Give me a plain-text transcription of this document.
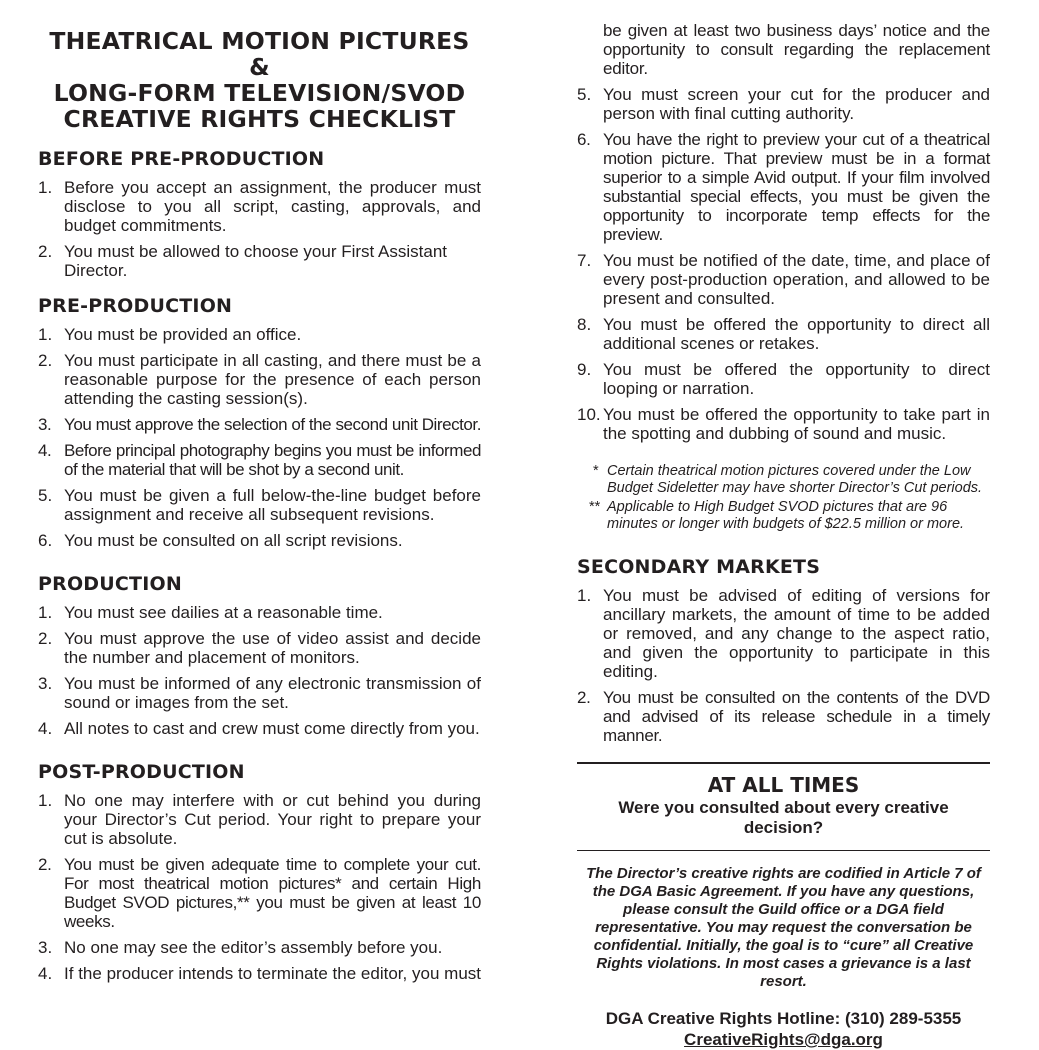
THEATRICAL MOTION PICTURES &
LONG-FORM TELEVISION/SVOD
CREATIVE RIGHTS CHECKLIST
BEFORE PRE-PRODUCTION
1. Before you accept an assignment, the producer must disclose to you all script, casting, approvals, and budget commitments.
2. You must be allowed to choose your First Assistant Director.
PRE-PRODUCTION
1. You must be provided an office.
2. You must participate in all casting, and there must be a reasonable purpose for the presence of each person attending the casting session(s).
3. You must approve the selection of the second unit Director.
4. Before principal photography begins you must be informed of the material that will be shot by a second unit.
5. You must be given a full below-the-line budget before assignment and receive all subsequent revisions.
6. You must be consulted on all script revisions.
PRODUCTION
1. You must see dailies at a reasonable time.
2. You must approve the use of video assist and decide the number and placement of monitors.
3. You must be informed of any electronic transmission of sound or images from the set.
4. All notes to cast and crew must come directly from you.
POST-PRODUCTION
1. No one may interfere with or cut behind you during your Director’s Cut period. Your right to prepare your cut is absolute.
2. You must be given adequate time to complete your cut. For most theatrical motion pictures* and certain High Budget SVOD pictures,** you must be given at least 10 weeks.
3. No one may see the editor’s assembly before you.
4. If the producer intends to terminate the editor, you must
be given at least two business days’ notice and the opportunity to consult regarding the replacement editor.
5. You must screen your cut for the producer and person with final cutting authority.
6. You have the right to preview your cut of a theatrical motion picture. That preview must be in a format superior to a simple Avid output. If your film involved substantial special effects, you must be given the opportunity to incorporate temp effects for the preview.
7. You must be notified of the date, time, and place of every post-production operation, and allowed to be present and consulted.
8. You must be offered the opportunity to direct all additional scenes or retakes.
9. You must be offered the opportunity to direct looping or narration.
10. You must be offered the opportunity to take part in the spotting and dubbing of sound and music.
* Certain theatrical motion pictures covered under the Low Budget Sideletter may have shorter Director’s Cut periods.
** Applicable to High Budget SVOD pictures that are 96 minutes or longer with budgets of $22.5 million or more.
SECONDARY MARKETS
1. You must be advised of editing of versions for ancillary markets, the amount of time to be added or removed, and any change to the aspect ratio, and given the opportunity to participate in this editing.
2. You must be consulted on the contents of the DVD and advised of its release schedule in a timely manner.
AT ALL TIMES
Were you consulted about every creative decision?
The Director’s creative rights are codified in Article 7 of the DGA Basic Agreement. If you have any questions, please consult the Guild office or a DGA field representative. You may request the conversation be confidential. Initially, the goal is to “cure” all Creative Rights violations. In most cases a grievance is a last resort.
DGA Creative Rights Hotline: (310) 289-5355
CreativeRights@dga.org
